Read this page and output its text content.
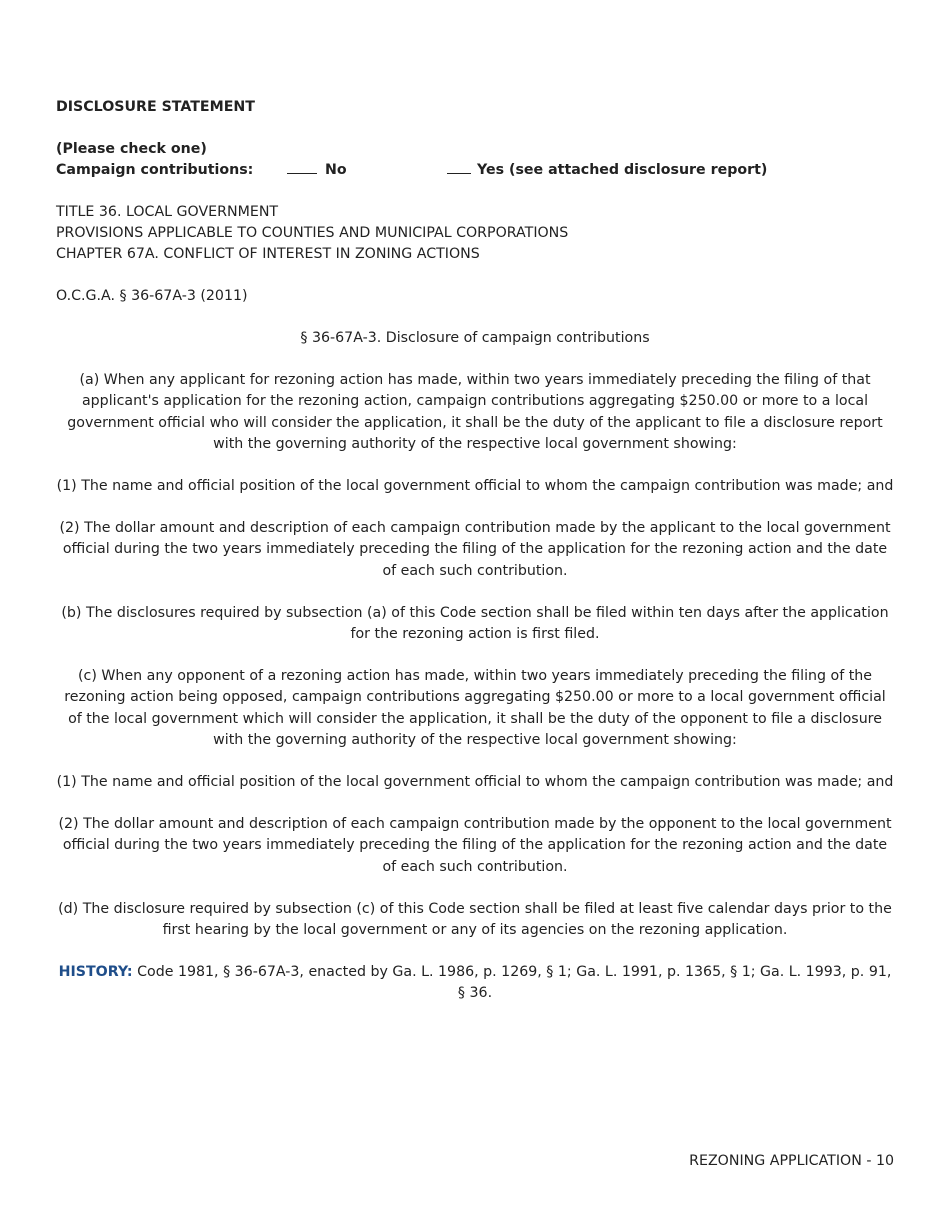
DISCLOSURE STATEMENT
(Please check one)
Campaign contributions:	No	Yes (see attached disclosure report)
TITLE 36. LOCAL GOVERNMENT
PROVISIONS APPLICABLE TO COUNTIES AND MUNICIPAL CORPORATIONS
CHAPTER 67A. CONFLICT OF INTEREST IN ZONING ACTIONS
O.C.G.A. § 36-67A-3 (2011)
§ 36-67A-3. Disclosure of campaign contributions
(a) When any applicant for rezoning action has made, within two years immediately preceding the filing of that applicant's application for the rezoning action, campaign contributions aggregating $250.00 or more to a local government official who will consider the application, it shall be the duty of the applicant to file a disclosure report with the governing authority of the respective local government showing:
(1) The name and official position of the local government official to whom the campaign contribution was made; and
(2) The dollar amount and description of each campaign contribution made by the applicant to the local government official during the two years immediately preceding the filing of the application for the rezoning action and the date of each such contribution.
(b) The disclosures required by subsection (a) of this Code section shall be filed within ten days after the application for the rezoning action is first filed.
(c) When any opponent of a rezoning action has made, within two years immediately preceding the filing of the rezoning action being opposed, campaign contributions aggregating $250.00 or more to a local government official of the local government which will consider the application, it shall be the duty of the opponent to file a disclosure with the governing authority of the respective local government showing:
(1) The name and official position of the local government official to whom the campaign contribution was made; and
(2) The dollar amount and description of each campaign contribution made by the opponent to the local government official during the two years immediately preceding the filing of the application for the rezoning action and the date of each such contribution.
(d) The disclosure required by subsection (c) of this Code section shall be filed at least five calendar days prior to the first hearing by the local government or any of its agencies on the rezoning application.
HISTORY: Code 1981, § 36-67A-3, enacted by Ga. L. 1986, p. 1269, § 1; Ga. L. 1991, p. 1365, § 1; Ga. L. 1993, p. 91, § 36.
REZONING APPLICATION - 10
